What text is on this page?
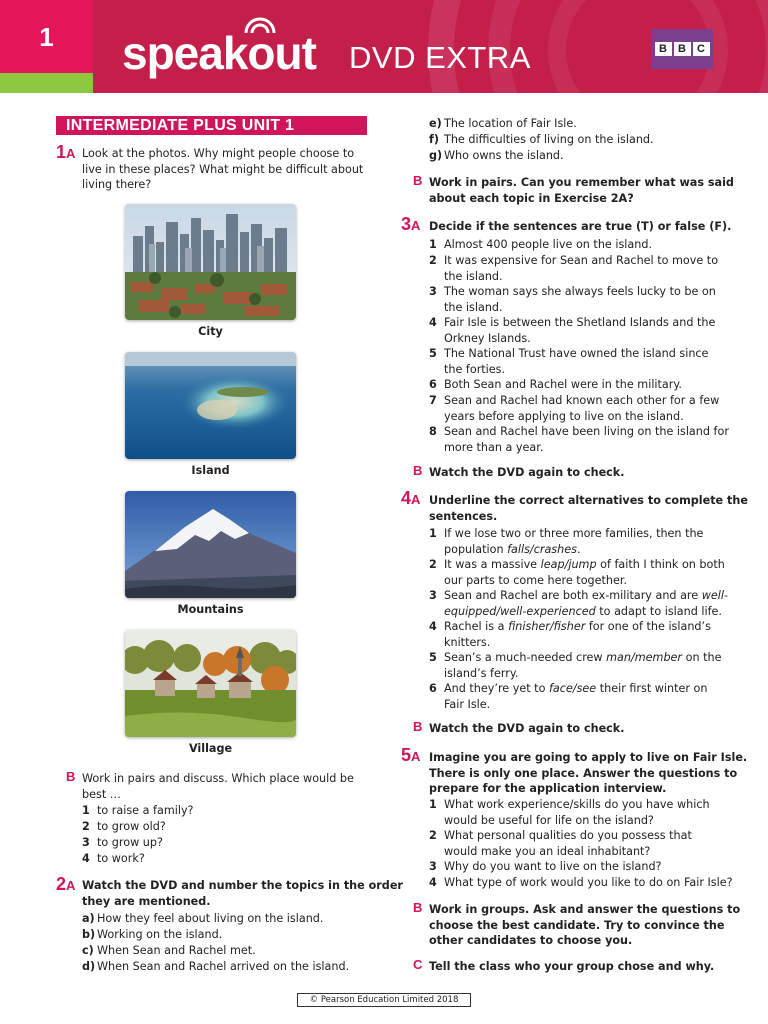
1	speakout DVD EXTRA	B	B	C
INTERMEDIATE PLUS UNIT 1
1A Look at the photos. Why might people choose to
live in these places? What might be difficult about
living there?
City
Island
Mountains
Village
B Work in pairs and discuss. Which place would be
best …
1 to raise a family?
2 to grow old?
3 to grow up?
4 to work?
2A Watch the DVD and number the topics in the order
they are mentioned.
a) How they feel about living on the island.
b) Working on the island.
c) When Sean and Rachel met.
d) When Sean and Rachel arrived on the island.
e) The location of Fair Isle.
f) The difficulties of living on the island.
g) Who owns the island.
B Work in pairs. Can you remember what was said
about each topic in Exercise 2A?
3A Decide if the sentences are true (T) or false (F).
1 Almost 400 people live on the island.
2 It was expensive for Sean and Rachel to move to
the island.
3 The woman says she always feels lucky to be on
the island.
4 Fair Isle is between the Shetland Islands and the
Orkney Islands.
5 The National Trust have owned the island since
the forties.
6 Both Sean and Rachel were in the military.
7 Sean and Rachel had known each other for a few
years before applying to live on the island.
8 Sean and Rachel have been living on the island for
more than a year.
B Watch the DVD again to check.
4A Underline the correct alternatives to complete the
sentences.
1 If we lose two or three more families, then the
population falls/crashes.
2 It was a massive leap/jump of faith I think on both
our parts to come here together.
3 Sean and Rachel are both ex-military and are well-
equipped/well-experienced to adapt to island life.
4 Rachel is a finisher/fisher for one of the island’s
knitters.
5 Sean’s a much-needed crew man/member on the
island’s ferry.
6 And they’re yet to face/see their first winter on
Fair Isle.
B Watch the DVD again to check.
5A Imagine you are going to apply to live on Fair Isle.
There is only one place. Answer the questions to
prepare for the application interview.
1 What work experience/skills do you have which
would be useful for life on the island?
2 What personal qualities do you possess that
would make you an ideal inhabitant?
3 Why do you want to live on the island?
4 What type of work would you like to do on Fair Isle?
B Work in groups. Ask and answer the questions to
choose the best candidate. Try to convince the
other candidates to choose you.
C Tell the class who your group chose and why.
© Pearson Education Limited 2018
